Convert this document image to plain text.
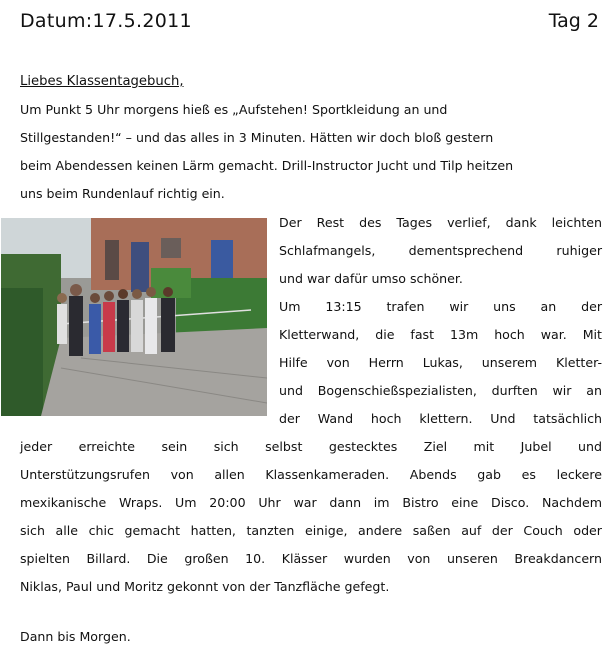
Datum:17.5.2011	Tag 2
Liebes Klassentagebuch,
Um Punkt 5 Uhr morgens hieß es „Aufstehen! Sportkleidung an und
Stillgestanden!“ – und das alles in 3 Minuten. Hätten wir doch bloß gestern
beim Abendessen keinen Lärm gemacht. Drill-Instructor Jucht und Tilp heitzen
uns beim Rundenlauf richtig ein.
Der Rest des Tages verlief, dank leichten
Schlafmangels, dementsprechend ruhiger
und war dafür umso schöner.
Um 13:15 trafen wir uns an der
Kletterwand, die fast 13m hoch war. Mit
Hilfe von Herrn Lukas, unserem Kletter-
und Bogenschießspezialisten, durften wir an
der Wand hoch klettern. Und tatsächlich
jeder erreichte sein sich selbst gestecktes Ziel mit Jubel und
Unterstützungsrufen von allen Klassenkameraden. Abends gab es leckere
mexikanische Wraps. Um 20:00 Uhr war dann im Bistro eine Disco. Nachdem
sich alle chic gemacht hatten, tanzten einige, andere saßen auf der Couch oder
spielten Billard. Die großen 10. Klässer wurden von unseren Breakdancern
Niklas, Paul und Moritz gekonnt von der Tanzfläche gefegt.
Dann bis Morgen.
